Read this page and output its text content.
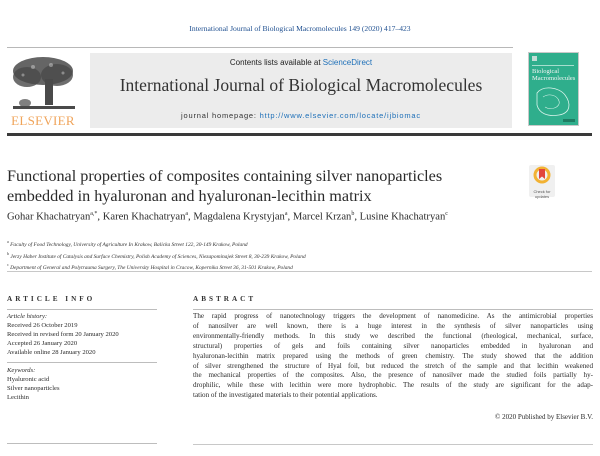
International Journal of Biological Macromolecules 149 (2020) 417–423
ELSEVIER
Contents lists available at ScienceDirect
International Journal of Biological Macromolecules
journal homepage: http://www.elsevier.com/locate/ijbiomac
Biological
Macromolecules
Functional properties of composites containing silver nanoparticles
embedded in hyaluronan and hyaluronan-lecithin matrix	Check for
updates
Gohar Khachatryan$^{a,*}$, Karen Khachatryan$^a$, Magdalena Krystyjan$^a$, Marcel Krzan$^b$, Lusine Khachatryan$^c$
$^a$ Faculty of Food Technology, University of Agriculture In Krakow, Balicka Street 122, 30-149 Krakow, Poland
$^b$ Jerzy Haber Institute of Catalysis and Surface Chemistry, Polish Academy of Sciences, Niezapominajek Street 8, 30-239 Krakow, Poland
$^c$ Department of General and Polytrauma Surgery, The University Hospital in Cracow, Kopernika Street 36, 31-501 Krakow, Poland
ARTICLE INFO
Article history:
Received 26 October 2019
Received in revised form 20 January 2020
Accepted 26 January 2020
Available online 28 January 2020
Keywords:
Hyaluronic acid
Silver nanoparticles
Lecithin
ABSTRACT
The rapid progress of nanotechnology triggers the development of nanomedicine. As the antimicrobial properties
of nanosilver are well known, there is a huge interest in the synthesis of silver nanoparticles using
environmentally-friendly methods. In this study we described the functional (rheological, mechanical, surface,
structural) properties of gels and foils containing silver nanoparticles embedded in hyaluronan and
hyaluronan-lecithin matrix prepared using the methods of green chemistry. The study showed that the addition
of silver strengthened the structure of Hyal foil, but reduced the stretch of the sample and that lecithin weakened
the mechanical properties of the composites. Also, the presence of nanosilver made the studied foils partially hy-
drophilic, while these with lecithin were more hydrophobic. The results of the study are significant for the adap-
tation of the investigated materials to their potential applications.
© 2020 Published by Elsevier B.V.
